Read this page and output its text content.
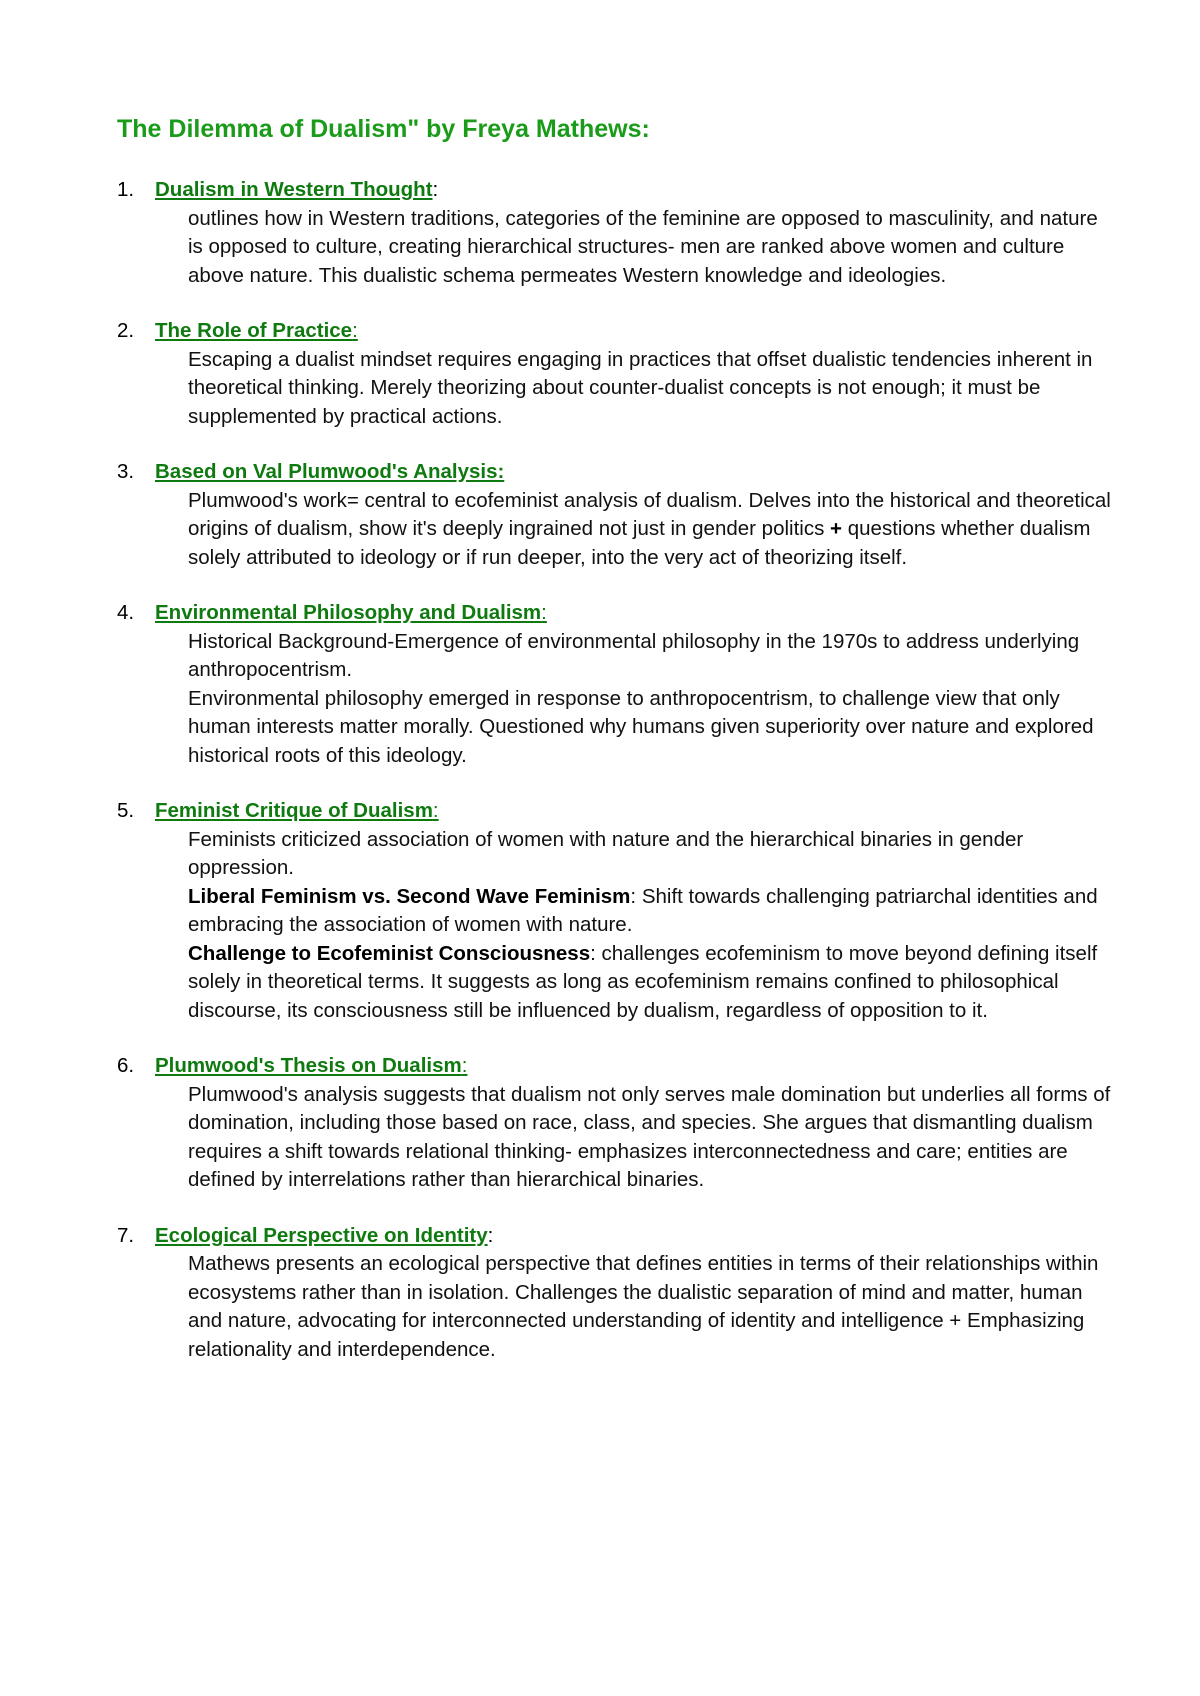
The Dilemma of Dualism" by Freya Mathews:
1.	Dualism in Western Thought:

outlines how in Western traditions, categories of the feminine are opposed to masculinity, and nature is opposed to culture, creating hierarchical structures- men are ranked above women and culture above nature. This dualistic schema permeates Western knowledge and ideologies.

2.	The Role of Practice:

Escaping a dualist mindset requires engaging in practices that offset dualistic tendencies inherent in theoretical thinking. Merely theorizing about counter-dualist concepts is not enough; it must be supplemented by practical actions.

3.	Based on Val Plumwood's Analysis:

Plumwood's work= central to ecofeminist analysis of dualism. Delves into the historical and theoretical origins of dualism, show it's deeply ingrained not just in gender politics + questions whether dualism solely attributed to ideology or if run deeper, into the very act of theorizing itself.

4.	Environmental Philosophy and Dualism:

Historical Background-Emergence of environmental philosophy in the 1970s to address underlying anthropocentrism.

Environmental philosophy emerged in response to anthropocentrism, to challenge view that only human interests matter morally. Questioned why humans given superiority over nature and explored historical roots of this ideology.

5.	Feminist Critique of Dualism:

Feminists criticized association of women with nature and the hierarchical binaries in gender oppression.

Liberal Feminism vs. Second Wave Feminism: Shift towards challenging patriarchal identities and embracing the association of women with nature.

Challenge to Ecofeminist Consciousness: challenges ecofeminism to move beyond defining itself solely in theoretical terms. It suggests as long as ecofeminism remains confined to philosophical discourse, its consciousness still be influenced by dualism, regardless of opposition to it.

6.	Plumwood's Thesis on Dualism:

Plumwood's analysis suggests that dualism not only serves male domination but underlies all forms of domination, including those based on race, class, and species. She argues that dismantling dualism requires a shift towards relational thinking- emphasizes interconnectedness and care; entities are defined by interrelations rather than hierarchical binaries.

7.	Ecological Perspective on Identity:

Mathews presents an ecological perspective that defines entities in terms of their relationships within ecosystems rather than in isolation. Challenges the dualistic separation of mind and matter, human and nature, advocating for interconnected understanding of identity and intelligence + Emphasizing relationality and interdependence.
